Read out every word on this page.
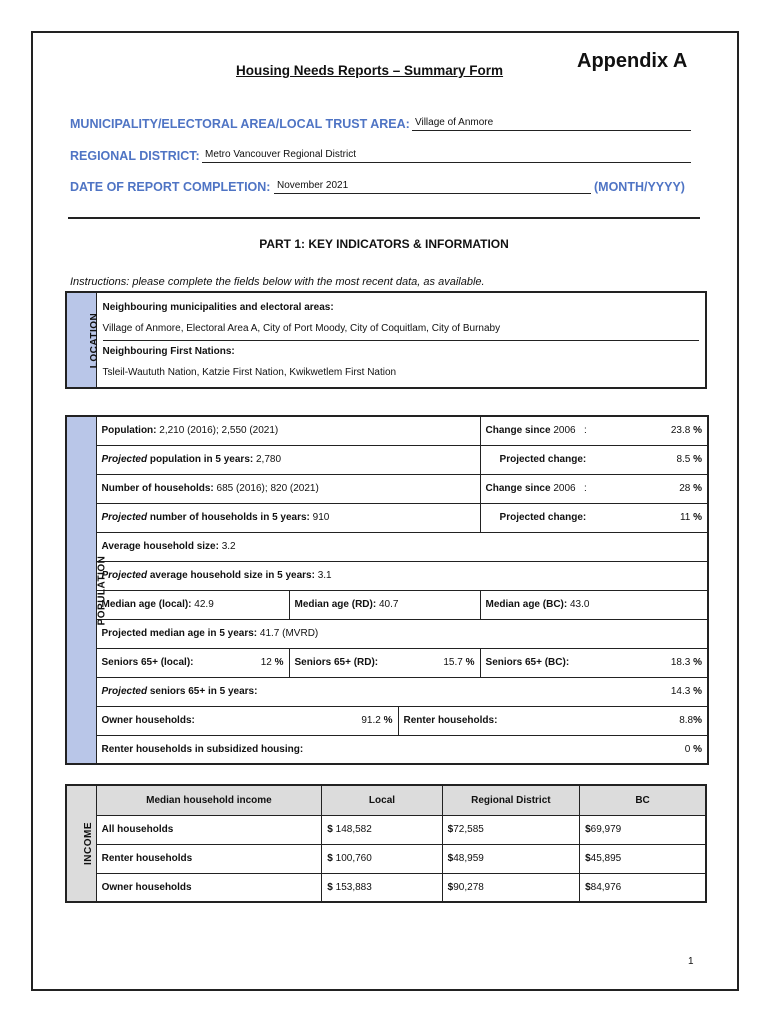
Housing Needs Reports – Summary Form	Appendix A
MUNICIPALITY/ELECTORAL AREA/LOCAL TRUST AREA: Village of Anmore
REGIONAL DISTRICT: Metro Vancouver Regional District
DATE OF REPORT COMPLETION: November 2021	(MONTH/YYYY)
PART 1: KEY INDICATORS & INFORMATION
Instructions: please complete the fields below with the most recent data, as available.
LOCATION	
Neighbouring municipalities and electoral areas:
Village of Anmore, Electoral Area A, City of Port Moody, City of Coquitlam, City of Burnaby
Neighbouring First Nations:
Tsleil-Waututh Nation, Katzie First Nation, Kwikwetlem First Nation
POPULATION	Population: 2,210 (2016); 2,550 (2021)			Change since 2006 : 23.8 %

	Projected population in 5 years: 2,780			Projected change: 8.5 %

	Number of households: 685 (2016); 820 (2021)			Change since 2006 : 28 %

	Projected number of households in 5 years: 910			Projected change: 11 %

	Average household size: 3.2			
	Projected average household size in 5 years: 3.1			
	Median age (local): 42.9	Median age (RD): 40.7		Median age (BC): 43.0
	Projected median age in 5 years: 41.7 (MVRD)			
	Seniors 65+ (local): 12 %	Seniors 65+ (RD): 15.7 %		Seniors 65+ (BC): 18.3 %

	Projected seniors 65+ in 5 years: 14.3 %			

	Owner households: 91.2 %		Renter households: 8.8%	

	Renter households in subsidized housing: 0 %			
INCOME	Median household income	Local	Regional District	BC
	All households	$ 148,582	$72,585	$69,979
	Renter households	$ 100,760	$48,959	$45,895
	Owner households	$ 153,883	$90,278	$84,976
1
